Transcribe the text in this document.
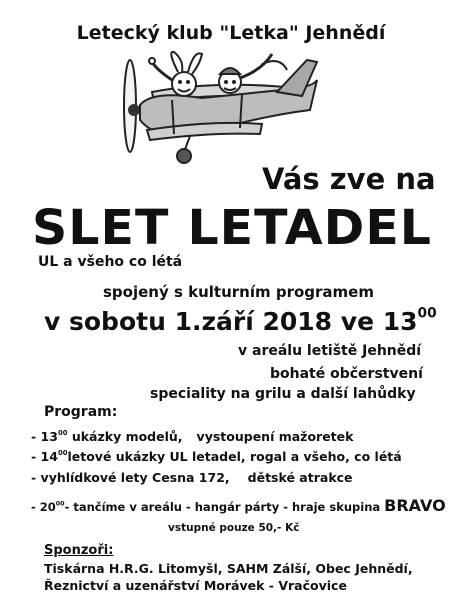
Letecký klub "Letka" Jehnědí
Vás zve na
SLET LETADEL
UL a všeho co létá
spojený s kulturním programem
v sobotu 1.září 2018 ve $13^{00}$
v areálu letiště Jehnědí
bohaté občerstvení
speciality na grilu a další lahůdky
Program:
- $13^{00}$ ukázky modelů, vystoupení mažoretek
- $14^{00}letové$ ukázky UL letadel, rogal a všeho, co létá
- vyhlídkové lety Cesna 172, dětské atrakce
- $20^{00}-$ tančíme v areálu - hangár párty - hraje skupina BRAVO
vstupné pouze 50,- Kč
Sponzoři:
Tiskárna H.R.G. Litomyšl, SAHM Zálší, Obec Jehnědí,
Řeznictví a uzenářství Morávek - Vračovice
